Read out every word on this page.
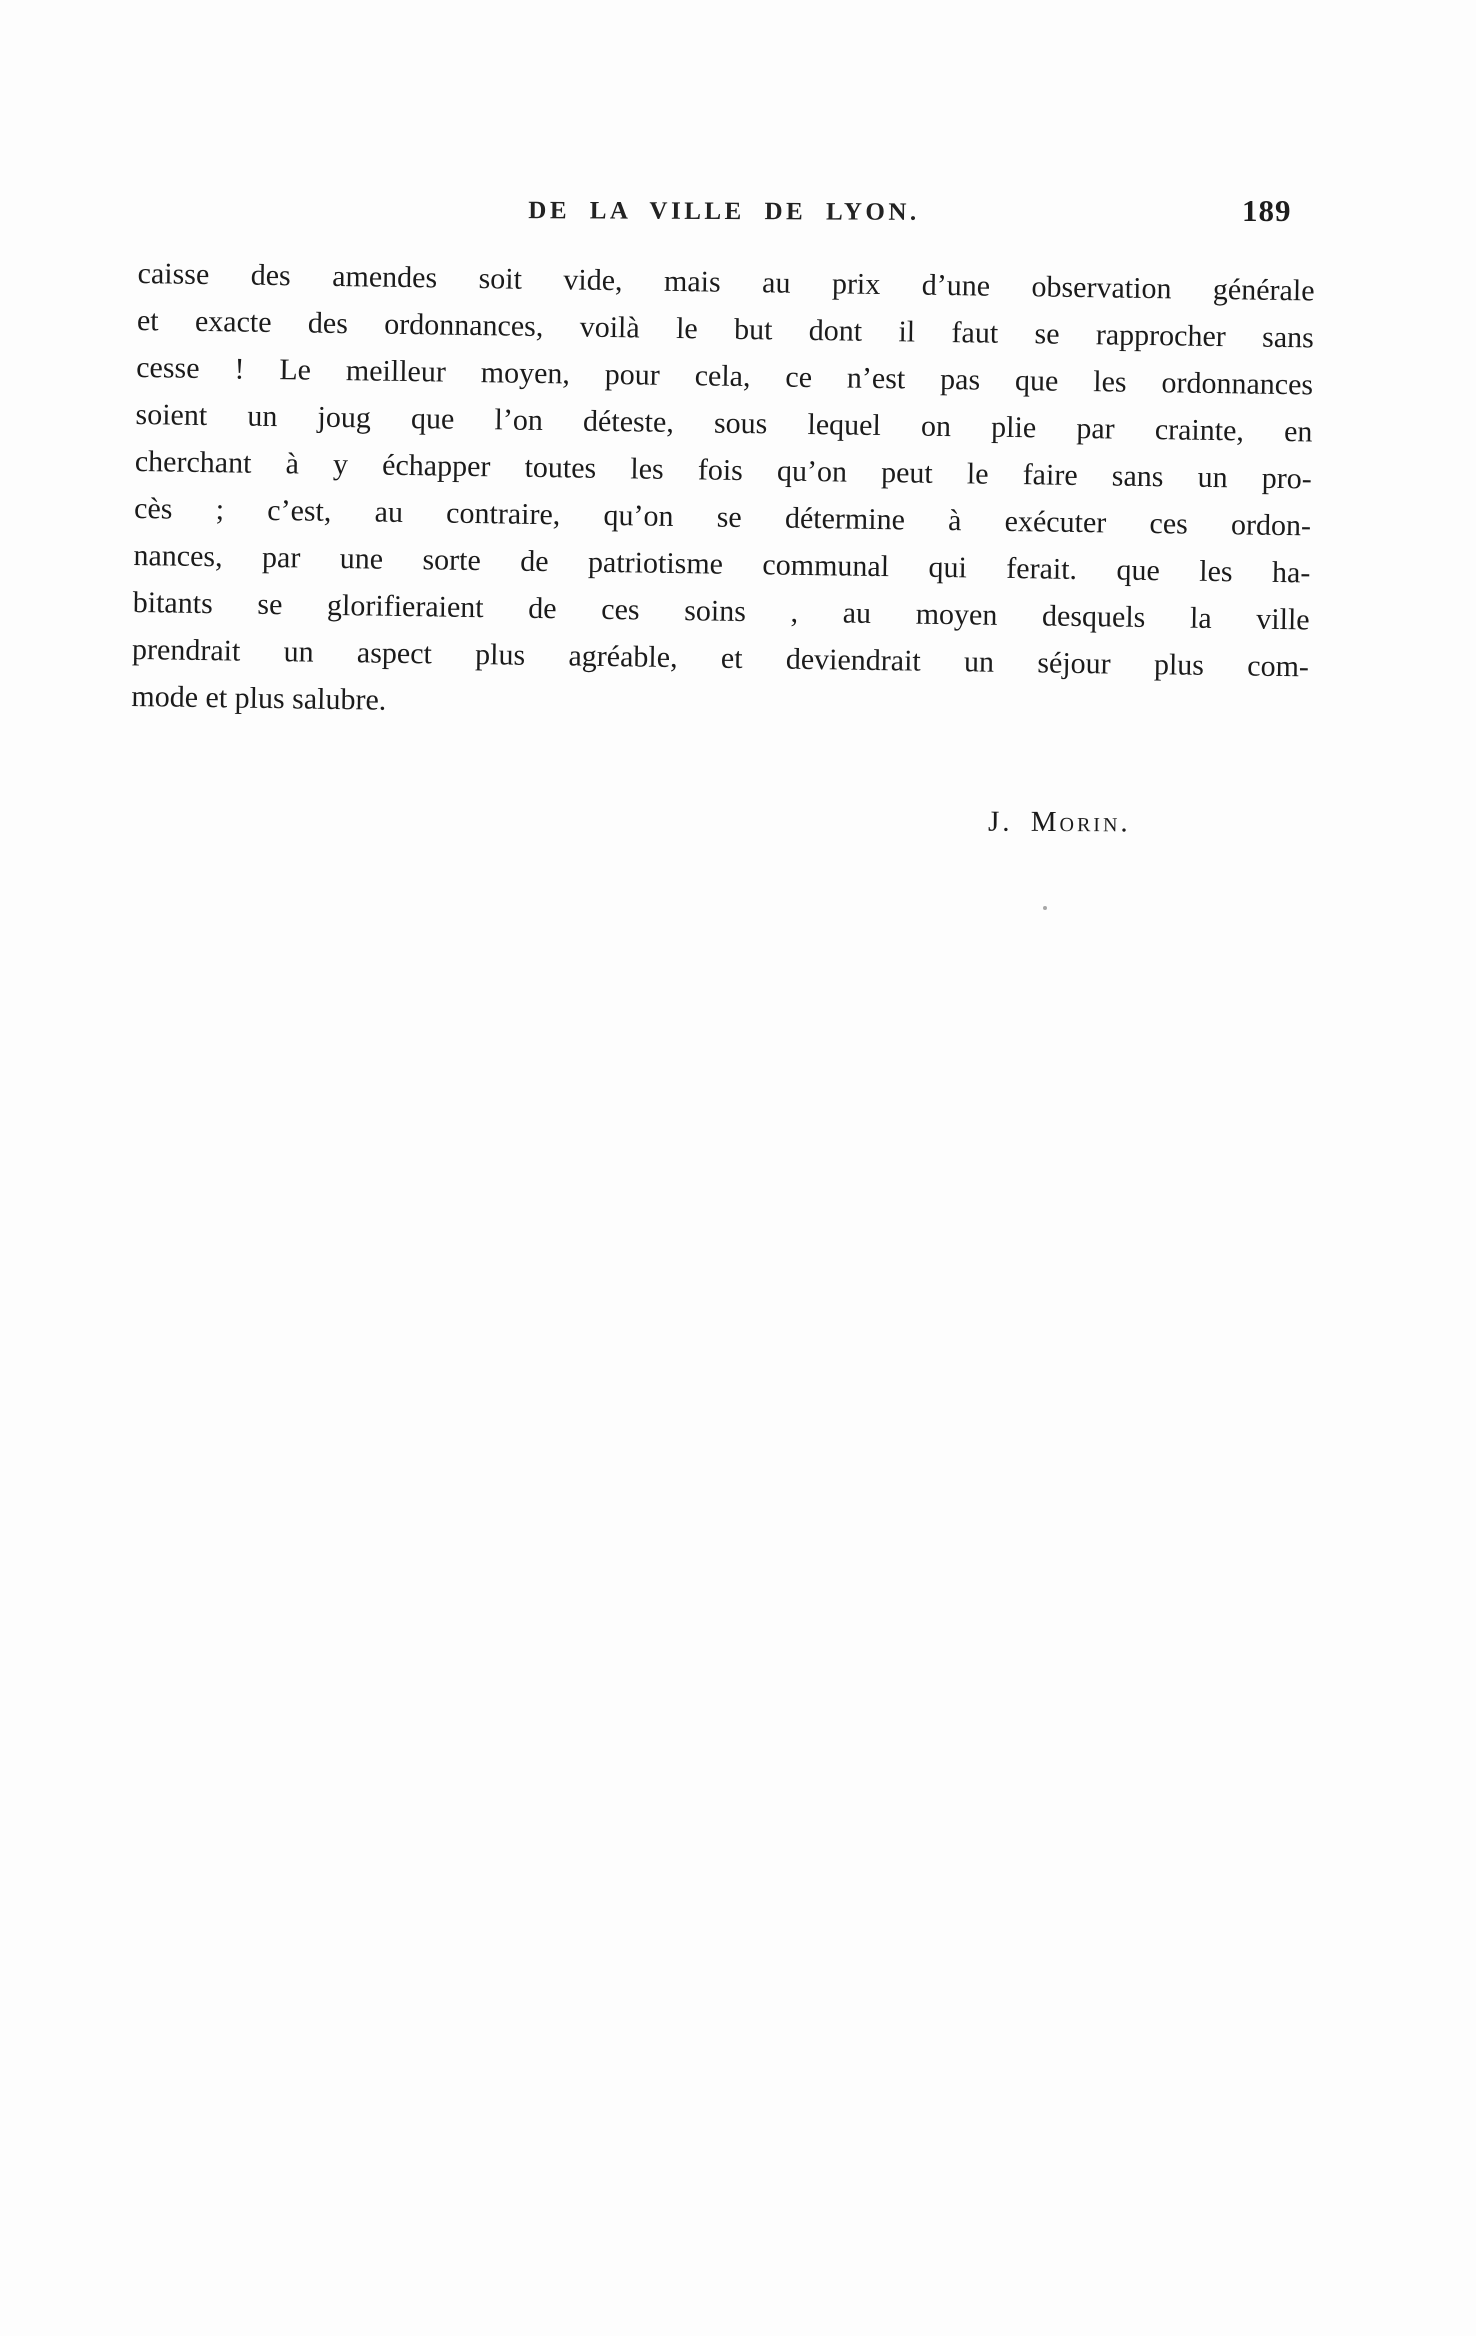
DE LA VILLE DE LYON.	189
caisse des amendes soit vide, mais au prix d’une observation générale
et exacte des ordonnances, voilà le but dont il faut se rapprocher sans
cesse ! Le meilleur moyen, pour cela, ce n’est pas que les ordonnances
soient un joug que l’on déteste, sous lequel on plie par crainte, en
cherchant à y échapper toutes les fois qu’on peut le faire sans un pro-
cès ; c’est, au contraire, qu’on se détermine à exécuter ces ordon-
nances, par une sorte de patriotisme communal qui ferait. que les ha-
bitants se glorifieraient de ces soins , au moyen desquels la ville
prendrait un aspect plus agréable, et deviendrait un séjour plus com-
mode et plus salubre.
J. Morin.
